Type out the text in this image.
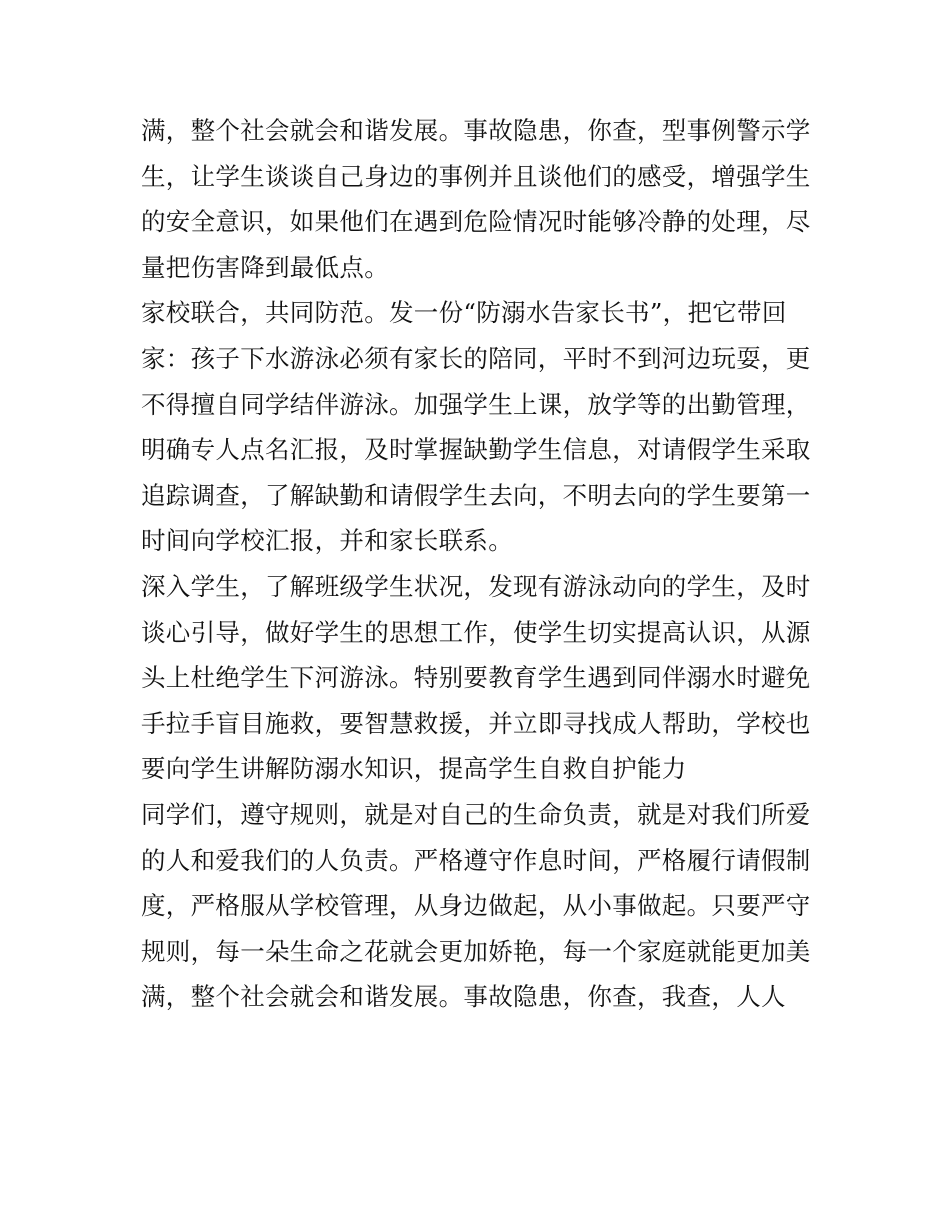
满，整个社会就会和谐发展。事故隐患，你查，型事例警示学
生，让学生谈谈自己身边的事例并且谈他们的感受，增强学生
的安全意识，如果他们在遇到危险情况时能够冷静的处理，尽
量把伤害降到最低点。
家校联合，共同防范。发一份“防溺水告家长书”，把它带回
家：孩子下水游泳必须有家长的陪同，平时不到河边玩耍，更
不得擅自同学结伴游泳。加强学生上课，放学等的出勤管理，
明确专人点名汇报，及时掌握缺勤学生信息，对请假学生采取
追踪调查，了解缺勤和请假学生去向，不明去向的学生要第一
时间向学校汇报，并和家长联系。
深入学生，了解班级学生状况，发现有游泳动向的学生，及时
谈心引导，做好学生的思想工作，使学生切实提高认识，从源
头上杜绝学生下河游泳。特别要教育学生遇到同伴溺水时避免
手拉手盲目施救，要智慧救援，并立即寻找成人帮助，学校也
要向学生讲解防溺水知识，提高学生自救自护能力
同学们，遵守规则，就是对自己的生命负责，就是对我们所爱
的人和爱我们的人负责。严格遵守作息时间，严格履行请假制
度，严格服从学校管理，从身边做起，从小事做起。只要严守
规则，每一朵生命之花就会更加娇艳，每一个家庭就能更加美
满，整个社会就会和谐发展。事故隐患，你查，我查，人人
